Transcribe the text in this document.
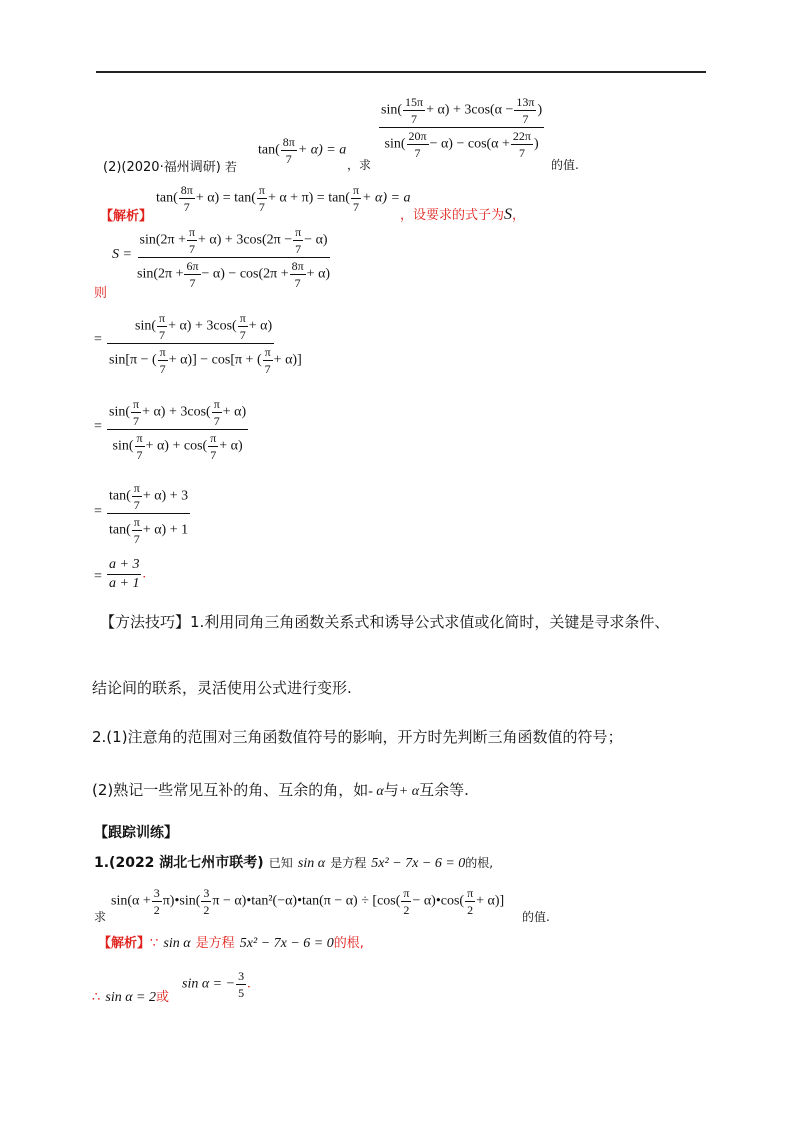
(2)(2020·福州调研) 若
$\tan( \frac{8\pi}{7} + \alpha) = a$
，求
$\frac{\sin( \frac{15\pi}{7} + \alpha) + 3\cos(\alpha - \frac{13\pi}{7} )}{\sin( \frac{20\pi}{7} - \alpha) - \cos(\alpha + \frac{22\pi}{7} )}$
的值.
【解析】
$\tan( \frac{8\pi}{7} + \alpha) = \tan( \frac{\pi}{7} + \alpha + \pi) = \tan( \frac{\pi}{7} + \alpha) = a$
，设要求的式子为S，
$S = \frac{\sin(2\pi + \frac{\pi}{7} + \alpha) + 3\cos(2\pi - \frac{\pi}{7} - \alpha)}{\sin(2\pi + \frac{6\pi}{7} - \alpha) - \cos(2\pi + \frac{8\pi}{7} + \alpha)}$
则
= $\frac{\sin( \frac{\pi}{7} + \alpha) + 3\cos( \frac{\pi}{7} + \alpha)}{\sin[\pi - ( \frac{\pi}{7} + \alpha)] - \cos[\pi + ( \frac{\pi}{7} + \alpha)]}$
= $\frac{\sin( \frac{\pi}{7} + \alpha) + 3\cos( \frac{\pi}{7} + \alpha)}{\sin( \frac{\pi}{7} + \alpha) + \cos( \frac{\pi}{7} + \alpha)}$
= $\frac{\tan( \frac{\pi}{7} + \alpha) + 3}{\tan( \frac{\pi}{7} + \alpha) + 1}$
= $\frac{a + 3}{a + 1}$ .
【方法技巧】1.利用同角三角函数关系式和诱导公式求值或化简时，关键是寻求条件、
结论间的联系，灵活使用公式进行变形.
2.(1)注意角的范围对三角函数值符号的影响，开方时先判断三角函数值的符号；
(2)熟记一些常见互补的角、互余的角，如- α与+ α互余等.
【跟踪训练】
1.(2022 湖北七州市联考) 已知 sin α 是方程 5x² − 7x − 6 = 0的根,
求
$\sin(\alpha + \frac{3}{2}$ π)•sin( $\frac{3}{2}$ π − α)•tan²(−α)•tan(π − $\alpha) \div [\cos( \frac{\pi}{2}$ − α)•cos( $\frac{\pi}{2} + \alpha$)]
的值.
【解析】∵ sin α 是方程 5x² − 7x − 6 = 0的根,
∴ sin α = 2或
sin α = − $\frac{3}{5}$ .
